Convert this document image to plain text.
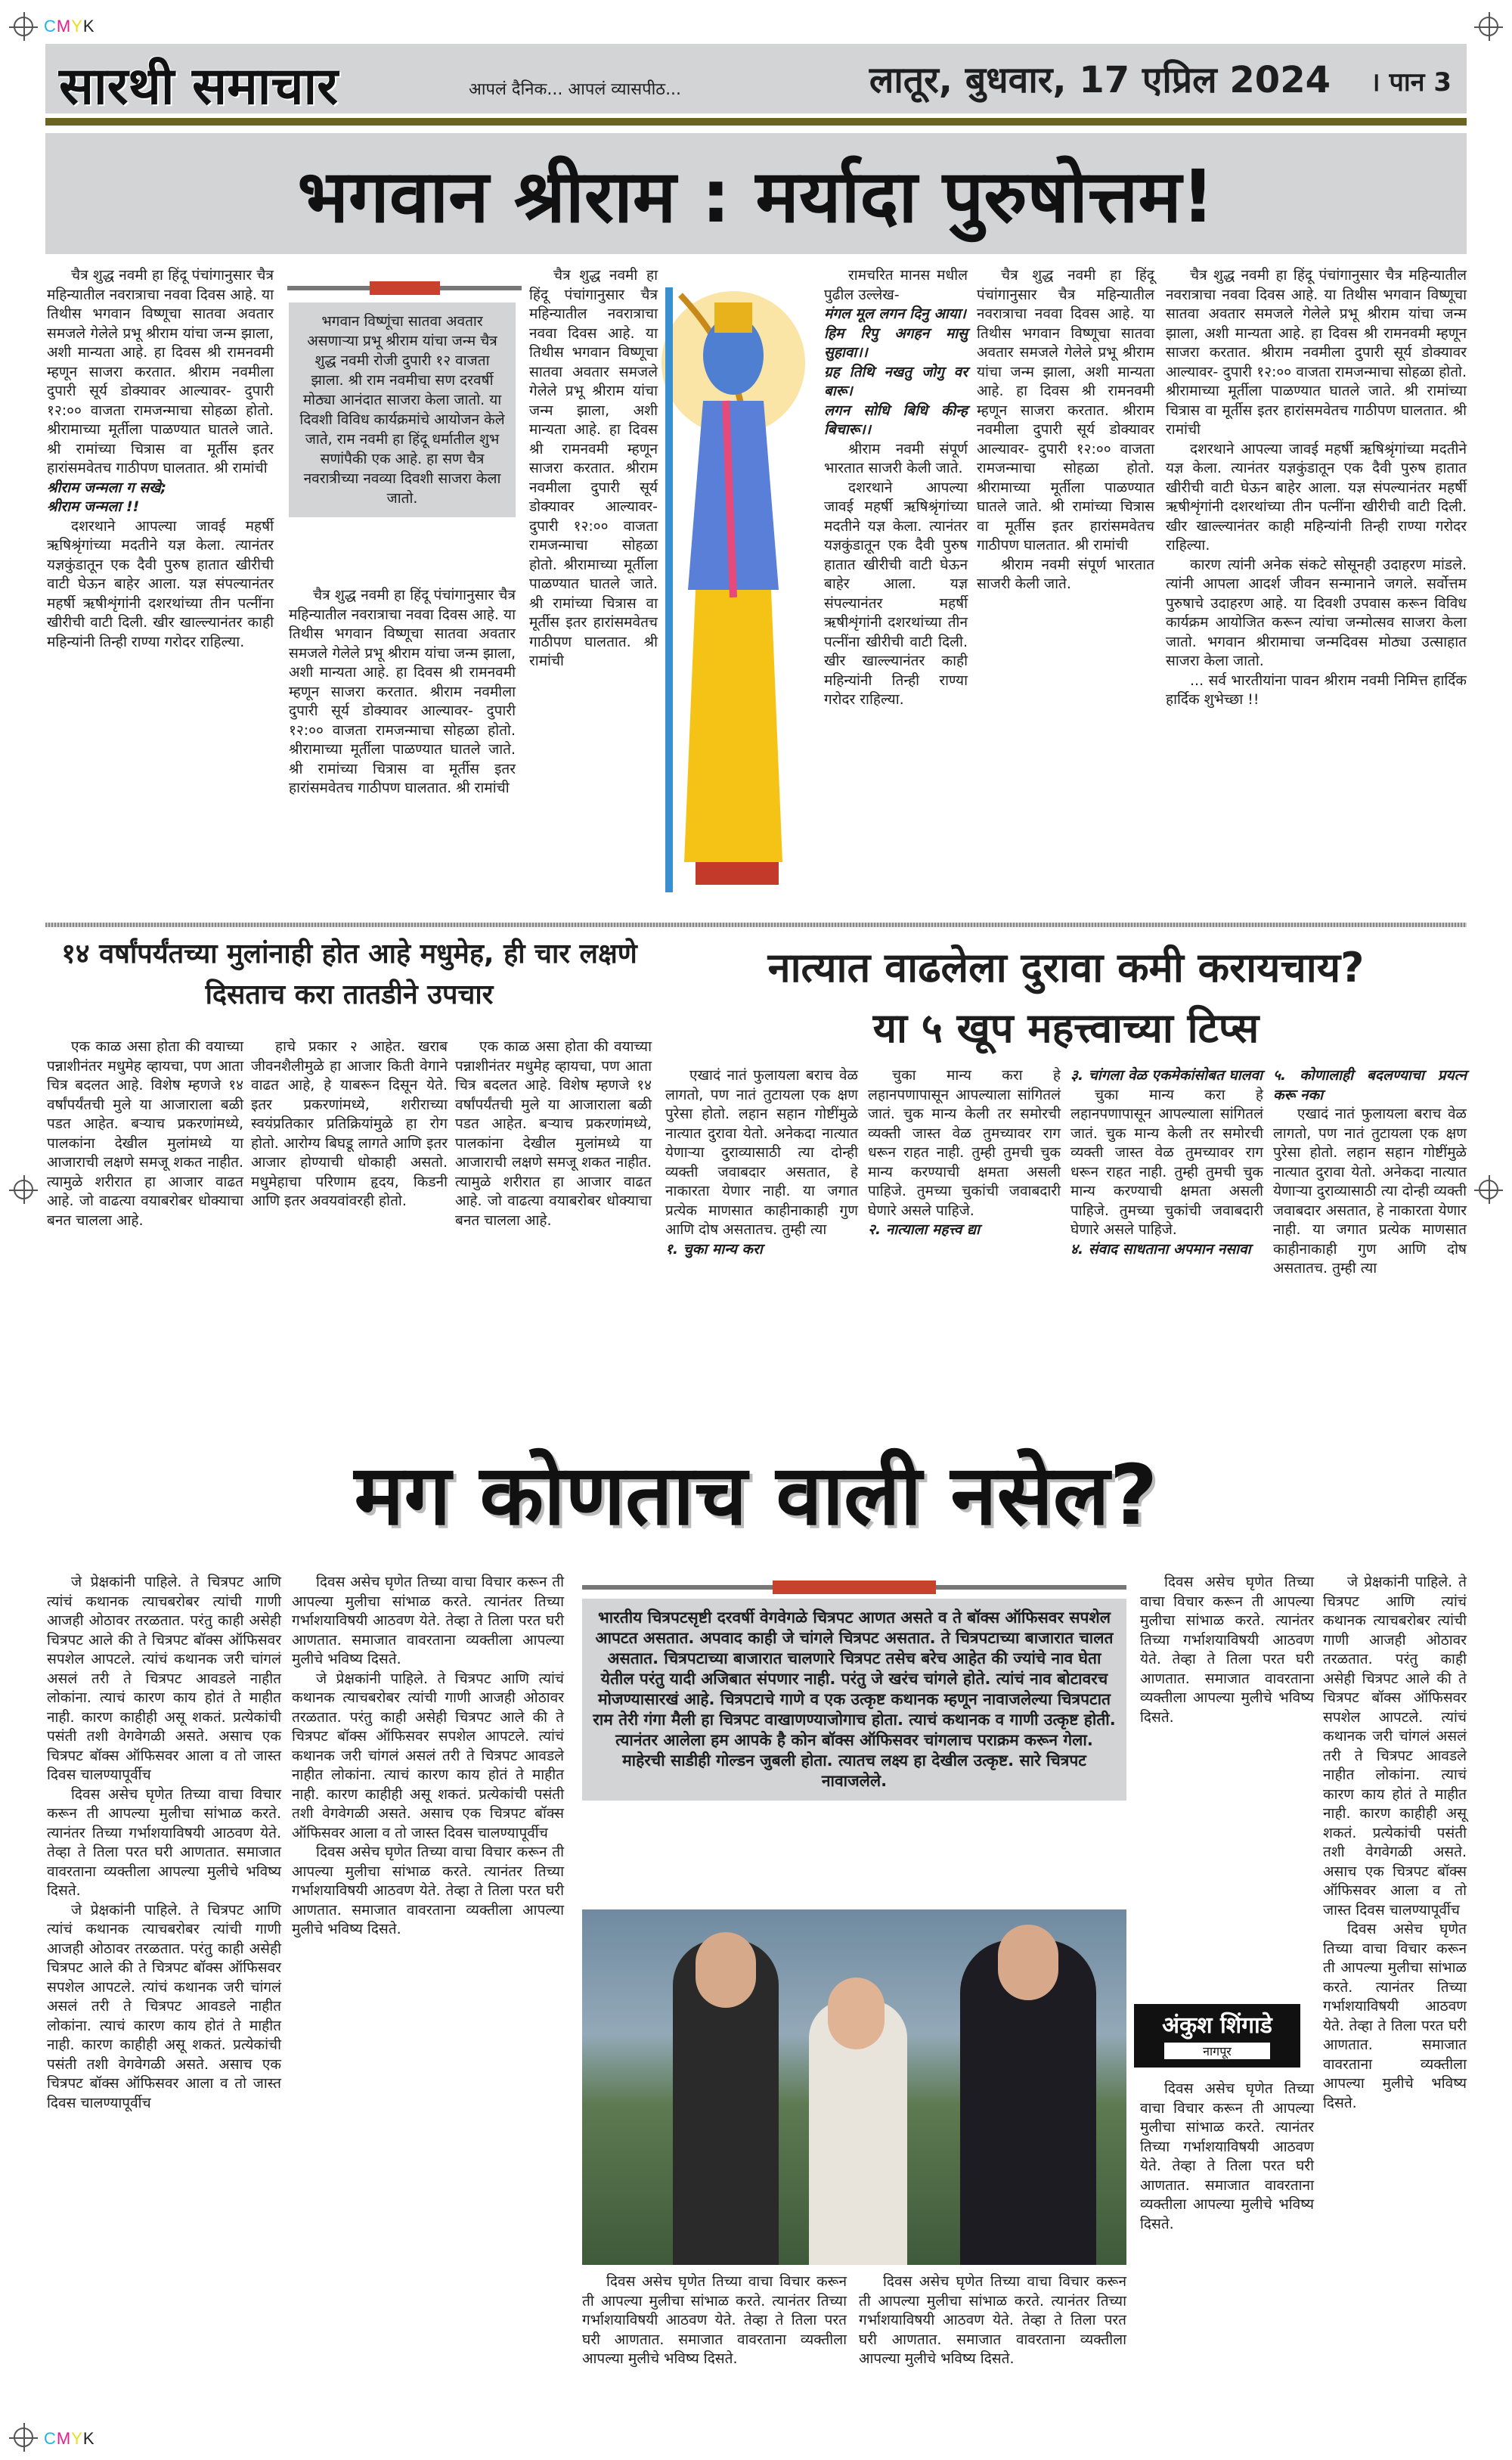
CMYK
CMYK
सारथी समाचार	आपलं दैनिक... आपलं व्यासपीठ...	लातूर, बुधवार, 17 एप्रिल 2024 । पान 3
भगवान श्रीराम : मर्यादा पुरुषोत्तम!

चैत्र शुद्ध नवमी हा हिंदू पंचांगानुसार चैत्र महिन्यातील नवरात्राचा नववा दिवस आहे. या तिथीस भगवान विष्णूचा सातवा अवतार समजले गेलेले प्रभू श्रीराम यांचा जन्म झाला, अशी मान्यता आहे. हा दिवस श्री रामनवमी म्हणून साजरा करतात. श्रीराम नवमीला दुपारी सूर्य डोक्यावर आल्यावर- दुपारी १२:०० वाजता रामजन्माचा सोहळा होतो. श्रीरामाच्या मूर्तीला पाळण्यात घातले जाते. श्री रामांच्या चित्रास वा मूर्तीस इतर हारांसमवेतच गाठीपण घालतात. श्री रामांची

श्रीराम जन्मला ग सखे;

श्रीराम जन्मला !!

दशरथाने आपल्या जावई महर्षी ऋषिश्रृंगांच्या मदतीने यज्ञ केला. त्यानंतर यज्ञकुंडातून एक दैवी पुरुष हातात खीरीची वाटी घेऊन बाहेर आला. यज्ञ संपल्यानंतर महर्षी ऋषीशृंगांनी दशरथांच्या तीन पत्नींना खीरीची वाटी दिली. खीर खाल्ल्यानंतर काही महिन्यांनी तिन्ही राण्या गरोदर राहिल्या.

भगवान विष्णूंचा सातवा अवतार असणाऱ्या प्रभू श्रीराम यांचा जन्म चैत्र शुद्ध नवमी रोजी दुपारी १२ वाजता झाला. श्री राम नवमीचा सण दरवर्षी मोठ्या आनंदात साजरा केला जातो. या दिवशी विविध कार्यक्रमांचे आयोजन केले जाते, राम नवमी हा हिंदू धर्मातील शुभ सणांपैकी एक आहे. हा सण चैत्र नवरात्रीच्या नवव्या दिवशी साजरा केला जातो.

चैत्र शुद्ध नवमी हा हिंदू पंचांगानुसार चैत्र महिन्यातील नवरात्राचा नववा दिवस आहे. या तिथीस भगवान विष्णूचा सातवा अवतार समजले गेलेले प्रभू श्रीराम यांचा जन्म झाला, अशी मान्यता आहे. हा दिवस श्री रामनवमी म्हणून साजरा करतात. श्रीराम नवमीला दुपारी सूर्य डोक्यावर आल्यावर- दुपारी १२:०० वाजता रामजन्माचा सोहळा होतो. श्रीरामाच्या मूर्तीला पाळण्यात घातले जाते. श्री रामांच्या चित्रास वा मूर्तीस इतर हारांसमवेतच गाठीपण घालतात. श्री रामांची

चैत्र शुद्ध नवमी हा हिंदू पंचांगानुसार चैत्र महिन्यातील नवरात्राचा नववा दिवस आहे. या तिथीस भगवान विष्णूचा सातवा अवतार समजले गेलेले प्रभू श्रीराम यांचा जन्म झाला, अशी मान्यता आहे. हा दिवस श्री रामनवमी म्हणून साजरा करतात. श्रीराम नवमीला दुपारी सूर्य डोक्यावर आल्यावर- दुपारी १२:०० वाजता रामजन्माचा सोहळा होतो. श्रीरामाच्या मूर्तीला पाळण्यात घातले जाते. श्री रामांच्या चित्रास वा मूर्तीस इतर हारांसमवेतच गाठीपण घालतात. श्री रामांची

रामचरित मानस मधील पुढील उल्लेख-

मंगल मूल लगन दिनु आया।

हिम रिपु अगहन मासु सुहावा।।

ग्रह तिथि नखतु जोगु वर बारू।

लगन सोधि बिधि कीन्ह बिचारू।।

श्रीराम नवमी संपूर्ण भारतात साजरी केली जाते.

दशरथाने आपल्या जावई महर्षी ऋषिश्रृंगांच्या मदतीने यज्ञ केला. त्यानंतर यज्ञकुंडातून एक दैवी पुरुष हातात खीरीची वाटी घेऊन बाहेर आला. यज्ञ संपल्यानंतर महर्षी ऋषीशृंगांनी दशरथांच्या तीन पत्नींना खीरीची वाटी दिली. खीर खाल्ल्यानंतर काही महिन्यांनी तिन्ही राण्या गरोदर राहिल्या.

चैत्र शुद्ध नवमी हा हिंदू पंचांगानुसार चैत्र महिन्यातील नवरात्राचा नववा दिवस आहे. या तिथीस भगवान विष्णूचा सातवा अवतार समजले गेलेले प्रभू श्रीराम यांचा जन्म झाला, अशी मान्यता आहे. हा दिवस श्री रामनवमी म्हणून साजरा करतात. श्रीराम नवमीला दुपारी सूर्य डोक्यावर आल्यावर- दुपारी १२:०० वाजता रामजन्माचा सोहळा होतो. श्रीरामाच्या मूर्तीला पाळण्यात घातले जाते. श्री रामांच्या चित्रास वा मूर्तीस इतर हारांसमवेतच गाठीपण घालतात. श्री रामांची

श्रीराम नवमी संपूर्ण भारतात साजरी केली जाते.

चैत्र शुद्ध नवमी हा हिंदू पंचांगानुसार चैत्र महिन्यातील नवरात्राचा नववा दिवस आहे. या तिथीस भगवान विष्णूचा सातवा अवतार समजले गेलेले प्रभू श्रीराम यांचा जन्म झाला, अशी मान्यता आहे. हा दिवस श्री रामनवमी म्हणून साजरा करतात. श्रीराम नवमीला दुपारी सूर्य डोक्यावर आल्यावर- दुपारी १२:०० वाजता रामजन्माचा सोहळा होतो. श्रीरामाच्या मूर्तीला पाळण्यात घातले जाते. श्री रामांच्या चित्रास वा मूर्तीस इतर हारांसमवेतच गाठीपण घालतात. श्री रामांची

दशरथाने आपल्या जावई महर्षी ऋषिश्रृंगांच्या मदतीने यज्ञ केला. त्यानंतर यज्ञकुंडातून एक दैवी पुरुष हातात खीरीची वाटी घेऊन बाहेर आला. यज्ञ संपल्यानंतर महर्षी ऋषीशृंगांनी दशरथांच्या तीन पत्नींना खीरीची वाटी दिली. खीर खाल्ल्यानंतर काही महिन्यांनी तिन्ही राण्या गरोदर राहिल्या.

कारण त्यांनी अनेक संकटे सोसूनही उदाहरण मांडले. त्यांनी आपला आदर्श जीवन सन्मानाने जगले. सर्वोत्तम पुरुषाचे उदाहरण आहे. या दिवशी उपवास करून विविध कार्यक्रम आयोजित करून त्यांचा जन्मोत्सव साजरा केला जातो. भगवान श्रीरामाचा जन्मदिवस मोठ्या उत्साहात साजरा केला जातो.

... सर्व भारतीयांना पावन श्रीराम नवमी निमित्त हार्दिक हार्दिक शुभेच्छा !!

१४ वर्षांपर्यंतच्या मुलांनाही होत आहे मधुमेह, ही चार लक्षणे दिसताच करा तातडीने उपचार

एक काळ असा होता की वयाच्या पन्नाशीनंतर मधुमेह व्हायचा, पण आता चित्र बदलत आहे. विशेष म्हणजे १४ वर्षांपर्यंतची मुले या आजाराला बळी पडत आहेत. बऱ्याच प्रकरणांमध्ये, पालकांना देखील मुलांमध्ये या आजाराची लक्षणे समजू शकत नाहीत. त्यामुळे शरीरात हा आजार वाढत आहे. जो वाढत्या वयाबरोबर धोक्याचा बनत चालला आहे.

हाचे प्रकार २ आहेत. खराब जीवनशैलीमुळे हा आजार किती वेगाने वाढत आहे, हे याबरून दिसून येते. इतर प्रकरणांमध्ये, शरीराच्या स्वयंप्रतिकार प्रतिक्रियांमुळे हा रोग होतो. आरोग्य बिघडू लागते आणि इतर आजार होण्याची धोकाही असतो. मधुमेहाचा परिणाम हृदय, किडनी आणि इतर अवयवांवरही होतो.

एक काळ असा होता की वयाच्या पन्नाशीनंतर मधुमेह व्हायचा, पण आता चित्र बदलत आहे. विशेष म्हणजे १४ वर्षांपर्यंतची मुले या आजाराला बळी पडत आहेत. बऱ्याच प्रकरणांमध्ये, पालकांना देखील मुलांमध्ये या आजाराची लक्षणे समजू शकत नाहीत. त्यामुळे शरीरात हा आजार वाढत आहे. जो वाढत्या वयाबरोबर धोक्याचा बनत चालला आहे.

नात्यात वाढलेला दुरावा कमी करायचाय?
या ५ खूप महत्त्वाच्या टिप्स

एखादं नातं फुलायला बराच वेळ लागतो, पण नातं तुटायला एक क्षण पुरेसा होतो. लहान सहान गोष्टींमुळे नात्यात दुरावा येतो. अनेकदा नात्यात येणाऱ्या दुराव्यासाठी त्या दोन्ही व्यक्ती जवाबदार असतात, हे नाकारता येणार नाही. या जगात प्रत्येक माणसात काहीनाकाही गुण आणि दोष असतातच. तुम्ही त्या

१. चुका मान्य करा

चुका मान्य करा हे लहानपणापासून आपल्याला सांगितलं जातं. चुक मान्य केली तर समोरची व्यक्ती जास्त वेळ तुमच्यावर राग धरून राहत नाही. तुम्ही तुमची चुक मान्य करण्याची क्षमता असली पाहिजे. तुमच्या चुकांची जवाबदारी घेणारे असले पाहिजे.

२. नात्याला महत्त्व द्या

३. चांगला वेळ एकमेकांसोबत घालवा

चुका मान्य करा हे लहानपणापासून आपल्याला सांगितलं जातं. चुक मान्य केली तर समोरची व्यक्ती जास्त वेळ तुमच्यावर राग धरून राहत नाही. तुम्ही तुमची चुक मान्य करण्याची क्षमता असली पाहिजे. तुमच्या चुकांची जवाबदारी घेणारे असले पाहिजे.

४. संवाद साधताना अपमान नसावा

५. कोणालाही बदलण्याचा प्रयत्न करू नका

एखादं नातं फुलायला बराच वेळ लागतो, पण नातं तुटायला एक क्षण पुरेसा होतो. लहान सहान गोष्टींमुळे नात्यात दुरावा येतो. अनेकदा नात्यात येणाऱ्या दुराव्यासाठी त्या दोन्ही व्यक्ती जवाबदार असतात, हे नाकारता येणार नाही. या जगात प्रत्येक माणसात काहीनाकाही गुण आणि दोष असतातच. तुम्ही त्या

मग कोणताच वाली नसेल?

जे प्रेक्षकांनी पाहिले. ते चित्रपट आणि त्यांचं कथानक त्याचबरोबर त्यांची गाणी आजही ओठावर तरळतात. परंतु काही असेही चित्रपट आले की ते चित्रपट बॉक्स ऑफिसवर सपशेल आपटले. त्यांचं कथानक जरी चांगलं असलं तरी ते चित्रपट आवडले नाहीत लोकांना. त्याचं कारण काय होतं ते माहीत नाही. कारण काहीही असू शकतं. प्रत्येकांची पसंती तशी वेगवेगळी असते. असाच एक चित्रपट बॉक्स ऑफिसवर आला व तो जास्त दिवस चालण्यापूर्वीच

दिवस असेच घृणेत तिच्या वाचा विचार करून ती आपल्या मुलीचा सांभाळ करते. त्यानंतर तिच्या गर्भाशयाविषयी आठवण येते. तेव्हा ते तिला परत घरी आणतात. समाजात वावरताना व्यक्तीला आपल्या मुलीचे भविष्य दिसते.

जे प्रेक्षकांनी पाहिले. ते चित्रपट आणि त्यांचं कथानक त्याचबरोबर त्यांची गाणी आजही ओठावर तरळतात. परंतु काही असेही चित्रपट आले की ते चित्रपट बॉक्स ऑफिसवर सपशेल आपटले. त्यांचं कथानक जरी चांगलं असलं तरी ते चित्रपट आवडले नाहीत लोकांना. त्याचं कारण काय होतं ते माहीत नाही. कारण काहीही असू शकतं. प्रत्येकांची पसंती तशी वेगवेगळी असते. असाच एक चित्रपट बॉक्स ऑफिसवर आला व तो जास्त दिवस चालण्यापूर्वीच

दिवस असेच घृणेत तिच्या वाचा विचार करून ती आपल्या मुलीचा सांभाळ करते. त्यानंतर तिच्या गर्भाशयाविषयी आठवण येते. तेव्हा ते तिला परत घरी आणतात. समाजात वावरताना व्यक्तीला आपल्या मुलीचे भविष्य दिसते.

जे प्रेक्षकांनी पाहिले. ते चित्रपट आणि त्यांचं कथानक त्याचबरोबर त्यांची गाणी आजही ओठावर तरळतात. परंतु काही असेही चित्रपट आले की ते चित्रपट बॉक्स ऑफिसवर सपशेल आपटले. त्यांचं कथानक जरी चांगलं असलं तरी ते चित्रपट आवडले नाहीत लोकांना. त्याचं कारण काय होतं ते माहीत नाही. कारण काहीही असू शकतं. प्रत्येकांची पसंती तशी वेगवेगळी असते. असाच एक चित्रपट बॉक्स ऑफिसवर आला व तो जास्त दिवस चालण्यापूर्वीच

दिवस असेच घृणेत तिच्या वाचा विचार करून ती आपल्या मुलीचा सांभाळ करते. त्यानंतर तिच्या गर्भाशयाविषयी आठवण येते. तेव्हा ते तिला परत घरी आणतात. समाजात वावरताना व्यक्तीला आपल्या मुलीचे भविष्य दिसते.

भारतीय चित्रपटसृष्टी दरवर्षी वेगवेगळे चित्रपट आणत असते व ते बॉक्स ऑफिसवर सपशेल आपटत असतात. अपवाद काही जे चांगले चित्रपट असतात. ते चित्रपटाच्या बाजारात चालत असतात. चित्रपटाच्या बाजारात चालणारे चित्रपट तसेच बरेच आहेत की ज्यांचे नाव घेता येतील परंतु यादी अजिबात संपणार नाही. परंतु जे खरंच चांगले होते. त्यांचं नाव बोटावरच मोजण्यासारखं आहे. चित्रपटाचे गाणे व एक उत्कृष्ट कथानक म्हणून नावाजलेल्या चित्रपटात राम तेरी गंगा मैली हा चित्रपट वाखाणण्याजोगाच होता. त्याचं कथानक व गाणी उत्कृष्ट होती. त्यानंतर आलेला हम आपके है कोन बॉक्स ऑफिसवर चांगलाच पराक्रम करून गेला. माहेरची साडीही गोल्डन जुबली होता. त्यातच लक्ष्य हा देखील उत्कृष्ट. सारे चित्रपट नावाजलेले.

दिवस असेच घृणेत तिच्या वाचा विचार करून ती आपल्या मुलीचा सांभाळ करते. त्यानंतर तिच्या गर्भाशयाविषयी आठवण येते. तेव्हा ते तिला परत घरी आणतात. समाजात वावरताना व्यक्तीला आपल्या मुलीचे भविष्य दिसते.

दिवस असेच घृणेत तिच्या वाचा विचार करून ती आपल्या मुलीचा सांभाळ करते. त्यानंतर तिच्या गर्भाशयाविषयी आठवण येते. तेव्हा ते तिला परत घरी आणतात. समाजात वावरताना व्यक्तीला आपल्या मुलीचे भविष्य दिसते.

दिवस असेच घृणेत तिच्या वाचा विचार करून ती आपल्या मुलीचा सांभाळ करते. त्यानंतर तिच्या गर्भाशयाविषयी आठवण येते. तेव्हा ते तिला परत घरी आणतात. समाजात वावरताना व्यक्तीला आपल्या मुलीचे भविष्य दिसते.

अंकुश शिंगाडे
नागपूर

दिवस असेच घृणेत तिच्या वाचा विचार करून ती आपल्या मुलीचा सांभाळ करते. त्यानंतर तिच्या गर्भाशयाविषयी आठवण येते. तेव्हा ते तिला परत घरी आणतात. समाजात वावरताना व्यक्तीला आपल्या मुलीचे भविष्य दिसते.

जे प्रेक्षकांनी पाहिले. ते चित्रपट आणि त्यांचं कथानक त्याचबरोबर त्यांची गाणी आजही ओठावर तरळतात. परंतु काही असेही चित्रपट आले की ते चित्रपट बॉक्स ऑफिसवर सपशेल आपटले. त्यांचं कथानक जरी चांगलं असलं तरी ते चित्रपट आवडले नाहीत लोकांना. त्याचं कारण काय होतं ते माहीत नाही. कारण काहीही असू शकतं. प्रत्येकांची पसंती तशी वेगवेगळी असते. असाच एक चित्रपट बॉक्स ऑफिसवर आला व तो जास्त दिवस चालण्यापूर्वीच

दिवस असेच घृणेत तिच्या वाचा विचार करून ती आपल्या मुलीचा सांभाळ करते. त्यानंतर तिच्या गर्भाशयाविषयी आठवण येते. तेव्हा ते तिला परत घरी आणतात. समाजात वावरताना व्यक्तीला आपल्या मुलीचे भविष्य दिसते.
